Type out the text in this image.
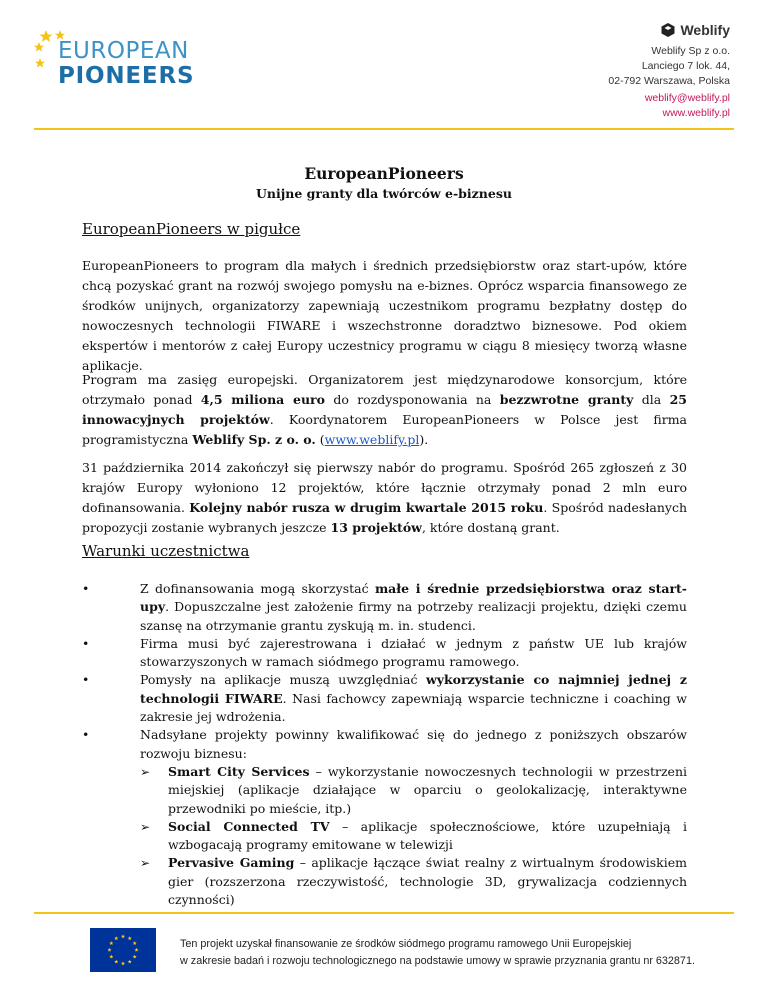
EUROPEAN
PIONEERS
Weblify
Weblify Sp z o.o.
Lanciego 7 lok. 44,
02-792 Warszawa, Polska
weblify@weblify.pl
www.weblify.pl
EuropeanPioneers
Unijne granty dla twórców e-biznesu
EuropeanPioneers w pigułce

EuropeanPioneers to program dla małych i średnich przedsiębiorstw oraz start-upów, które chcą pozyskać grant na rozwój swojego pomysłu na e-biznes. Oprócz wsparcia finansowego ze środków unijnych, organizatorzy zapewniają uczestnikom programu bezpłatny dostęp do nowoczesnych technologii FIWARE i wszechstronne doradztwo biznesowe. Pod okiem ekspertów i mentorów z całej Europy uczestnicy programu w ciągu 8 miesięcy tworzą własne aplikacje.

Program ma zasięg europejski. Organizatorem jest międzynarodowe konsorcjum, które otrzymało ponad 4,5 miliona euro do rozdysponowania na bezzwrotne granty dla 25 innowacyjnych projektów. Koordynatorem EuropeanPioneers w Polsce jest firma programistyczna Weblify Sp. z o. o. (www.weblify.pl).

31 października 2014 zakończył się pierwszy nabór do programu. Spośród 265 zgłoszeń z 30 krajów Europy wyłoniono 12 projektów, które łącznie otrzymały ponad 2 mln euro dofinansowania. Kolejny nabór rusza w drugim kwartale 2015 roku. Spośród nadesłanych propozycji zostanie wybranych jeszcze 13 projektów, które dostaną grant.

Warunki uczestnictwa
•	Z dofinansowania mogą skorzystać małe i średnie przedsiębiorstwa oraz start-upy. Dopuszczalne jest założenie firmy na potrzeby realizacji projektu, dzięki czemu szansę na otrzymanie grantu zyskują m. in. studenci.
•	Firma musi być zajerestrowana i działać w jednym z państw UE lub krajów stowarzyszonych w ramach siódmego programu ramowego.
•	Pomysły na aplikacje muszą uwzględniać wykorzystanie co najmniej jednej z technologii FIWARE. Nasi fachowcy zapewniają wsparcie techniczne i coaching w zakresie jej wdrożenia.
•	Nadsyłane projekty powinny kwalifikować się do jednego z poniższych obszarów rozwoju biznesu:
➢ Smart City Services – wykorzystanie nowoczesnych technologii w przestrzeni miejskiej (aplikacje działające w oparciu o geolokalizację, interaktywne przewodniki po mieście, itp.)
➢ Social Connected TV – aplikacje społecznościowe, które uzupełniają i wzbogacają programy emitowane w telewizji
➢ Pervasive Gaming – aplikacje łączące świat realny z wirtualnym środowiskiem gier (rozszerzona rzeczywistość, technologie 3D, grywalizacja codziennych czynności)
Ten projekt uzyskał finansowanie ze środków siódmego programu ramowego Unii Europejskiej
w zakresie badań i rozwoju technologicznego na podstawie umowy w sprawie przyznania grantu nr 632871.
